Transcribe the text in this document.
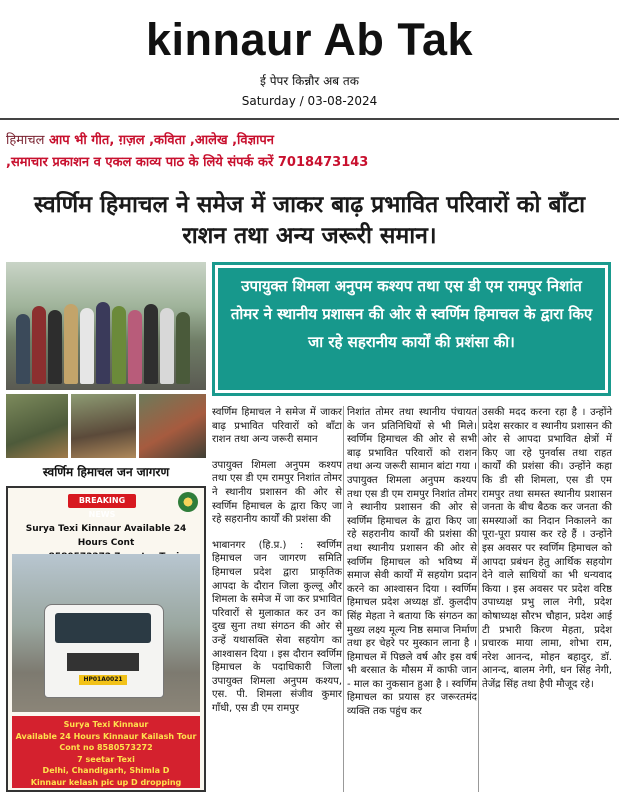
kinnaur Ab Tak
ई पेपर किन्नौर अब तक
Saturday / 03-08-2024
हिमाचल आप भी गीत, ग़ज़ल ,कविता ,आलेख ,विज्ञापन
,समाचार प्रकाशन व एकल काव्य पाठ के लिये संपर्क करें 7018473143
स्वर्णिम हिमाचल ने समेज में जाकर बाढ़ प्रभावित परिवारों को बाँटा राशन तथा अन्य जरूरी समान।
स्वर्णिम हिमाचल जन जागरण
उपायुक्त शिमला अनुपम कश्यप तथा एस डी एम रामपुर निशांत तोमर ने स्थानीय प्रशासन की ओर से स्वर्णिम हिमाचल के द्वारा किए जा रहे सहरानीय कार्यों की प्रशंसा की।
BREAKING NEWS
Surya Texi Kinnaur Available 24 Hours Cont
HP01A0021
Surya Texi Kinnaur
Available 24 Hours Kinnaur Kailash Tour
Cont no 8580573272
7 seetar Texi
Delhi, Chandigarh, Shimla D
Kinnaur kelash pic up D dropping

स्वर्णिम हिमाचल ने समेज में जाकर बाढ़ प्रभावित परिवारों को बाँटा राशन तथा अन्य जरूरी समान

उपायुक्त शिमला अनुपम कश्यप तथा एस डी एम रामपुर निशांत तोमर ने स्थानीय प्रशासन की ओर से स्वर्णिम हिमाचल के द्वारा किए जा रहे सहरानीय कार्यों की प्रशंसा की

भाबानगर (हि.प्र.) : स्वर्णिम हिमाचल जन जागरण समिति हिमाचल प्रदेश द्वारा प्राकृतिक आपदा के दौरान जिला कुल्लू और शिमला के समेज में जा कर प्रभावित परिवारों से मुलाकात कर उन का दुख सुना तथा संगठन की ओर से उन्हें यथासक्ति सेवा सहयोग का आश्वासन दिया । इस दौरान स्वर्णिम हिमाचल के पदाधिकारी जिला उपायुक्त शिमला अनुपम कश्यप, एस. पी. शिमला संजीव कुमार गाँधी, एस डी एम रामपुर

निशांत तोमर तथा स्थानीय पंचायत के जन प्रतिनिधियों से भी मिले। स्वर्णिम हिमाचल की ओर से सभी बाढ़ प्रभावित परिवारों को राशन तथा अन्य जरूरी सामान बांटा गया । उपायुक्त शिमला अनुपम कश्यप तथा एस डी एम रामपुर निशांत तोमर ने स्थानीय प्रशासन की ओर से स्वर्णिम हिमाचल के द्वारा किए जा रहे सहरानीय कार्यों की प्रशंसा की तथा स्थानीय प्रशासन की ओर से स्वर्णिम हिमाचल को भविष्य में समाज सेवी कार्यों में सहयोग प्रदान करने का आश्वासन दिया । स्वर्णिम हिमाचल प्रदेश अध्यक्ष डॉ. कुलदीप सिंह मेहता ने बताया कि संगठन का मुख्य लक्ष्य मूल्य निष्ठ समाज निर्माण तथा हर चेहरे पर मुस्कान लाना है । हिमाचल में पिछले वर्ष और इस वर्ष भी बरसात के मौसम में काफी जान - माल का नुकसान हुआ है । स्वर्णिम हिमाचल का प्रयास हर जरूरतमंद व्यक्ति तक पहुंच कर

उसकी मदद करना रहा है । उन्होंने प्रदेश सरकार व स्थानीय प्रशासन की ओर से आपदा प्रभावित क्षेत्रों में किए जा रहे पुनर्वास तथा राहत कार्यों की प्रशंसा की। उन्होंने कहा कि डी सी शिमला, एस डी एम रामपुर तथा समस्त स्थानीय प्रशासन जनता के बीच बैठक कर जनता की समस्याओं का निदान निकालने का पूरा-पूरा प्रयास कर रहे हैं । उन्होंने इस अवसर पर स्वर्णिम हिमाचल को आपदा प्रबंधन हेतु आर्थिक सहयोग देने वाले साथियों का भी धन्यवाद किया । इस अवसर पर प्रदेश वरिष्ठ उपाध्यक्ष प्रभु लाल नेगी, प्रदेश कोषाध्यक्ष सौरभ चौहान, प्रदेश आई टी प्रभारी किरण मेहता, प्रदेश प्रचारक माया लामा, शोभा राम, नरेश आनन्द, मोहन बहादुर, डॉ. आनन्द, बालम नेगी, धन सिंह नेगी, तेजेंद्र सिंह तथा हैपी मौजूद रहे।
